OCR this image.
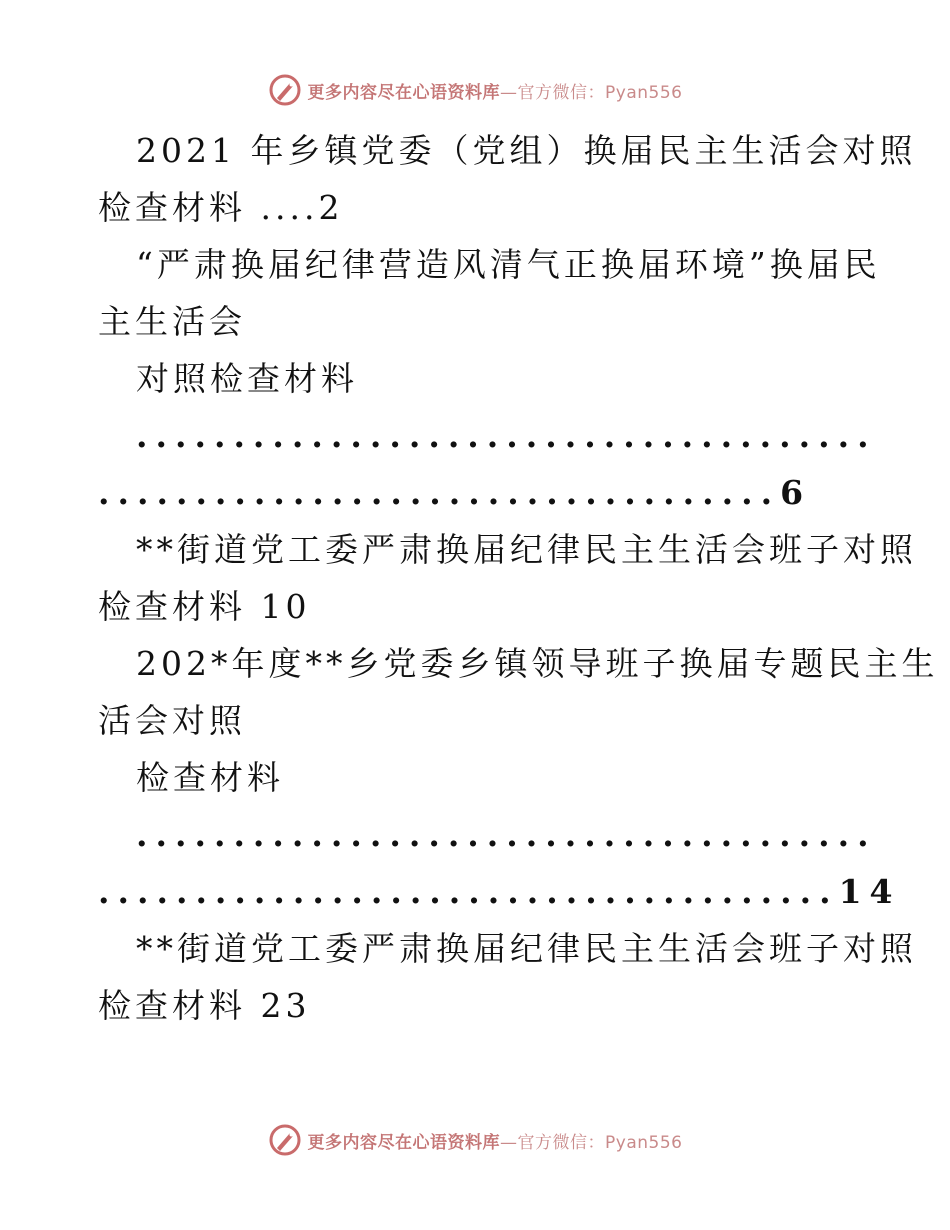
更多内容尽在心语资料库—官方微信：Pyan556
2021 年乡镇党委（党组）换届民主生活会对照
检查材料 ....2
“严肃换届纪律营造风清气正换届环境”换届民
主生活会
对照检查材料
......................................
...................................6
**街道党工委严肃换届纪律民主生活会班子对照
检查材料 10
202*年度**乡党委乡镇领导班子换届专题民主生
活会对照
检查材料
......................................
......................................14
**街道党工委严肃换届纪律民主生活会班子对照
检查材料 23
更多内容尽在心语资料库—官方微信：Pyan556
